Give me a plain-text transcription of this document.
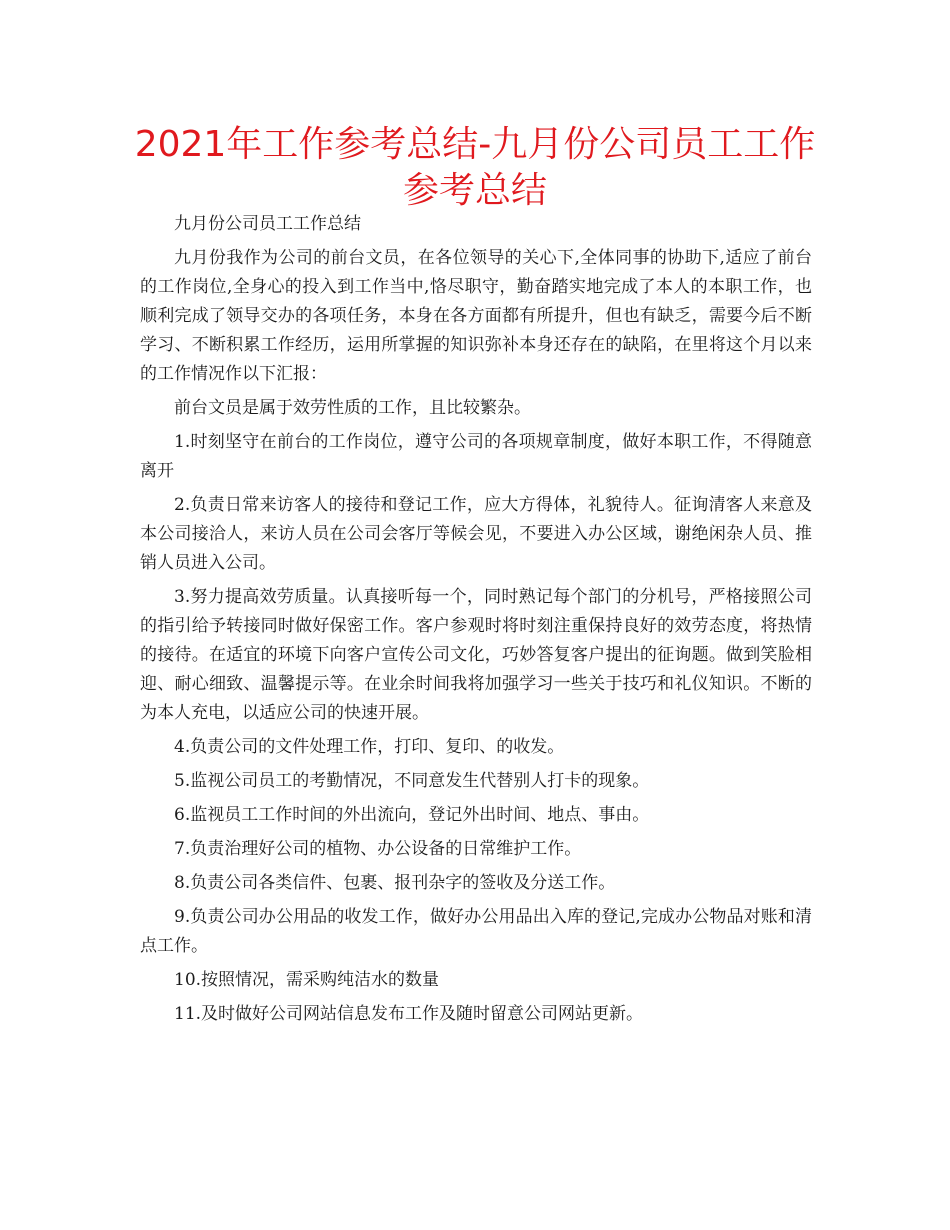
2021年工作参考总结-九月份公司员工工作参考总结

九月份公司员工工作总结

九月份我作为公司的前台文员，在各位领导的关心下,全体同事的协助下,适应了前台的工作岗位,全身心的投入到工作当中,恪尽职守，勤奋踏实地完成了本人的本职工作，也顺利完成了领导交办的各项任务，本身在各方面都有所提升，但也有缺乏，需要今后不断学习、不断积累工作经历，运用所掌握的知识弥补本身还存在的缺陷，在里将这个月以来的工作情况作以下汇报：

前台文员是属于效劳性质的工作，且比较繁杂。

1.时刻坚守在前台的工作岗位，遵守公司的各项规章制度，做好本职工作，不得随意离开

2.负责日常来访客人的接待和登记工作，应大方得体，礼貌待人。征询清客人来意及本公司接洽人，来访人员在公司会客厅等候会见，不要进入办公区域，谢绝闲杂人员、推销人员进入公司。

3.努力提高效劳质量。认真接听每一个，同时熟记每个部门的分机号，严格接照公司的指引给予转接同时做好保密工作。客户参观时将时刻注重保持良好的效劳态度，将热情的接待。在适宜的环境下向客户宣传公司文化，巧妙答复客户提出的征询题。做到笑脸相迎、耐心细致、温馨提示等。在业余时间我将加强学习一些关于技巧和礼仪知识。不断的为本人充电，以适应公司的快速开展。

4.负责公司的文件处理工作，打印、复印、的收发。

5.监视公司员工的考勤情况，不同意发生代替别人打卡的现象。

6.监视员工工作时间的外出流向，登记外出时间、地点、事由。

7.负责治理好公司的植物、办公设备的日常维护工作。

8.负责公司各类信件、包裹、报刊杂字的签收及分送工作。

9.负责公司办公用品的收发工作，做好办公用品出入库的登记,完成办公物品对账和清点工作。

10.按照情况，需采购纯洁水的数量

11.及时做好公司网站信息发布工作及随时留意公司网站更新。
